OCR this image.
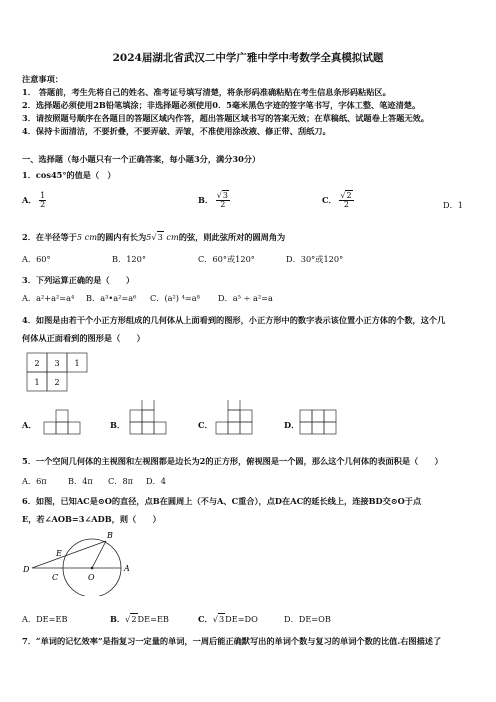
2024届湖北省武汉二中学广雅中学中考数学全真模拟试题
注意事项：
1． 答题前，考生先将自己的姓名、准考证号填写清楚，将条形码准确粘贴在考生信息条形码粘贴区。
2．选择题必须使用2B铅笔填涂；非选择题必须使用0．5毫米黑色字迹的签字笔书写，字体工整、笔迹清楚。
3．请按照题号顺序在各题目的答题区域内作答，超出答题区域书写的答案无效；在草稿纸、试题卷上答题无效。
4．保持卡面清洁，不要折叠，不要弄破、弄皱，不准使用涂改液、修正带、刮纸刀。
一、选择题（每小题只有一个正确答案，每小题3分，满分30分）
1．cos45°的值是（　）
A． $\frac{1}{2}$	B． $\frac{√3}{2}$	C． $\frac{√2}{2}$	D．1
2．在半径等于5 cm的圆内有长为5√3 cm的弦，则此弦所对的圆周角为
A．60°	B．120°	C．60°或120°	D．30°或120°
3．下列运算正确的是（　　）
A．a²+a²=a⁴ B．a³•a²=a⁶ C．(a²) ⁴=a⁸ D．a⁵ ÷ a²=a
4．如图是由若干个小正方形组成的几何体从上面看到的图形，小正方形中的数字表示该位置小正方体的个数，这个几
何体从正面看到的图形是（　　）
2 3 1
1 2
A．	B．	C．	D．
5．一个空间几何体的主视图和左视图都是边长为2的正方形，俯视图是一个圆，那么这个几何体的表面积是（　　）
A．6π	B．4π C．8π D．4
6．如图，已知AC是⊙O的直径，点B在圆周上（不与A、C重合），点D在AC的延长线上，连接BD交⊙O于点
E，若∠AOB=3∠ADB，则（　　）
B
E
D
C	O
A
A．DE=EB	B．√2DE=EB	C．√3DE=DO	D．DE=OB
7．“单词的记忆效率”是指复习一定量的单词，一周后能正确默写出的单词个数与复习的单词个数的比值.右图描述了
